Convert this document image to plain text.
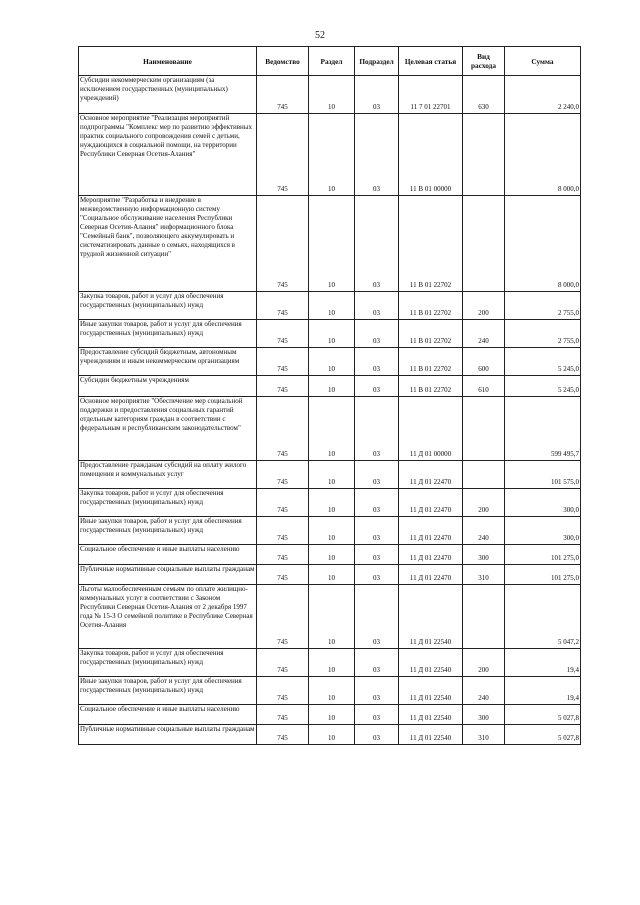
52
Наименование	Ведомство	Раздел	Подраздел	Целевая статья	Вид расхода	Сумма
Субсидии некоммерческим организациям (за исключением государственных (муниципальных) учреждений)	745	10	03	11 7 01 22701	630	2 240,0
Основное мероприятие "Реализация мероприятий подпрограммы "Комплекс мер по развитию эффективных практик социального сопровождения семей с детьми, нуждающихся в социальной помощи, на территории Республики Северная Осетия-Алания"	745	10	03	11 В 01 00000		8 000,0
Мероприятие "Разработка и внедрение в межведомственную информационную систему "Социальное обслуживание населения Республики Северная Осетия-Алания" информационного блока "Семейный банк", позволяющего аккумулировать и систематизировать данные о семьях, находящихся в трудной жизненной ситуации"	745	10	03	11 В 01 22702		8 000,0
Закупка товаров, работ и услуг для обеспечения государственных (муниципальных) нужд	745	10	03	11 В 01 22702	200	2 755,0
Иные закупки товаров, работ и услуг для обеспечения государственных (муниципальных) нужд	745	10	03	11 В 01 22702	240	2 755,0
Предоставление субсидий бюджетным, автономным учреждениям и иным некоммерческим организациям	745	10	03	11 В 01 22702	600	5 245,0
Субсидии бюджетным учреждениям	745	10	03	11 В 01 22702	610	5 245,0
Основное мероприятие "Обеспечение мер социальной поддержки и предоставления социальных гарантий отдельным категориям граждан в соответствии с федеральным и республиканским законодательством"	745	10	03	11 Д 01 00000		599 495,7
Предоставление гражданам субсидий на оплату жилого помещения и коммунальных услуг	745	10	03	11 Д 01 22470		101 575,0
Закупка товаров, работ и услуг для обеспечения государственных (муниципальных) нужд	745	10	03	11 Д 01 22470	200	300,0
Иные закупки товаров, работ и услуг для обеспечения государственных (муниципальных) нужд	745	10	03	11 Д 01 22470	240	300,0
Социальное обеспечение и иные выплаты населению	745	10	03	11 Д 01 22470	300	101 275,0
Публичные нормативные социальные выплаты гражданам	745	10	03	11 Д 01 22470	310	101 275,0
Льготы малообеспеченным семьям по оплате жилищно-коммунальных услуг в соответствии с Законом Республики Северная Осетия-Алания от 2 декабря 1997 года № 15-З О семейной политике в Республике Северная Осетия-Алания	745	10	03	11 Д 01 22540		5 047,2
Закупка товаров, работ и услуг для обеспечения государственных (муниципальных) нужд	745	10	03	11 Д 01 22540	200	19,4
Иные закупки товаров, работ и услуг для обеспечения государственных (муниципальных) нужд	745	10	03	11 Д 01 22540	240	19,4
Социальное обеспечение и иные выплаты населению	745	10	03	11 Д 01 22540	300	5 027,8
Публичные нормативные социальные выплаты гражданам	745	10	03	11 Д 01 22540	310	5 027,8
